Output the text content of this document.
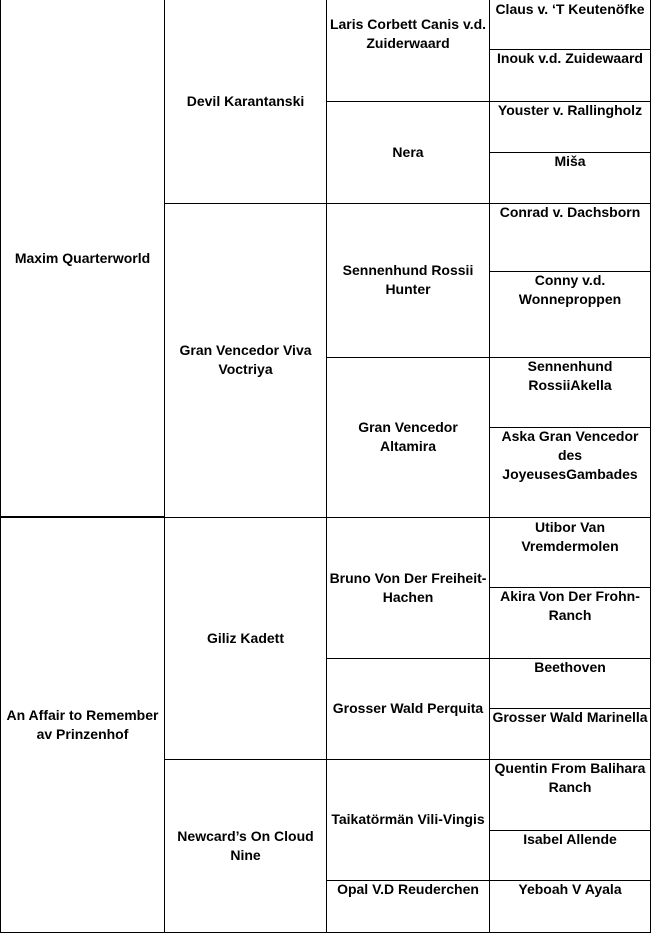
Maxim Quarterworld
An Affair to Remember av Prinzenhof
Devil Karantanski
Gran Vencedor Viva Voctriya
Giliz Kadett
Newcard’s On Cloud Nine
Laris Corbett Canis v.d. Zuiderwaard
Nera
Sennenhund Rossii Hunter
Gran Vencedor Altamira
Bruno Von Der Freiheit-Hachen
Grosser Wald Perquita
Taikatörmän Vili-Vingis
Opal V.D Reuderchen
Claus v. ‘T Keutenöfke
Inouk v.d. Zuidewaard
Youster v. Rallingholz
Miša
Conrad v. Dachsborn
Conny v.d. Wonneproppen
Sennenhund RossiiAkella
Aska Gran Vencedor des JoyeusesGambades
Utibor Van Vremdermolen
Akira Von Der Frohn-Ranch
Beethoven
Grosser Wald Marinella
Quentin From Balihara Ranch
Isabel Allende
Yeboah V Ayala
